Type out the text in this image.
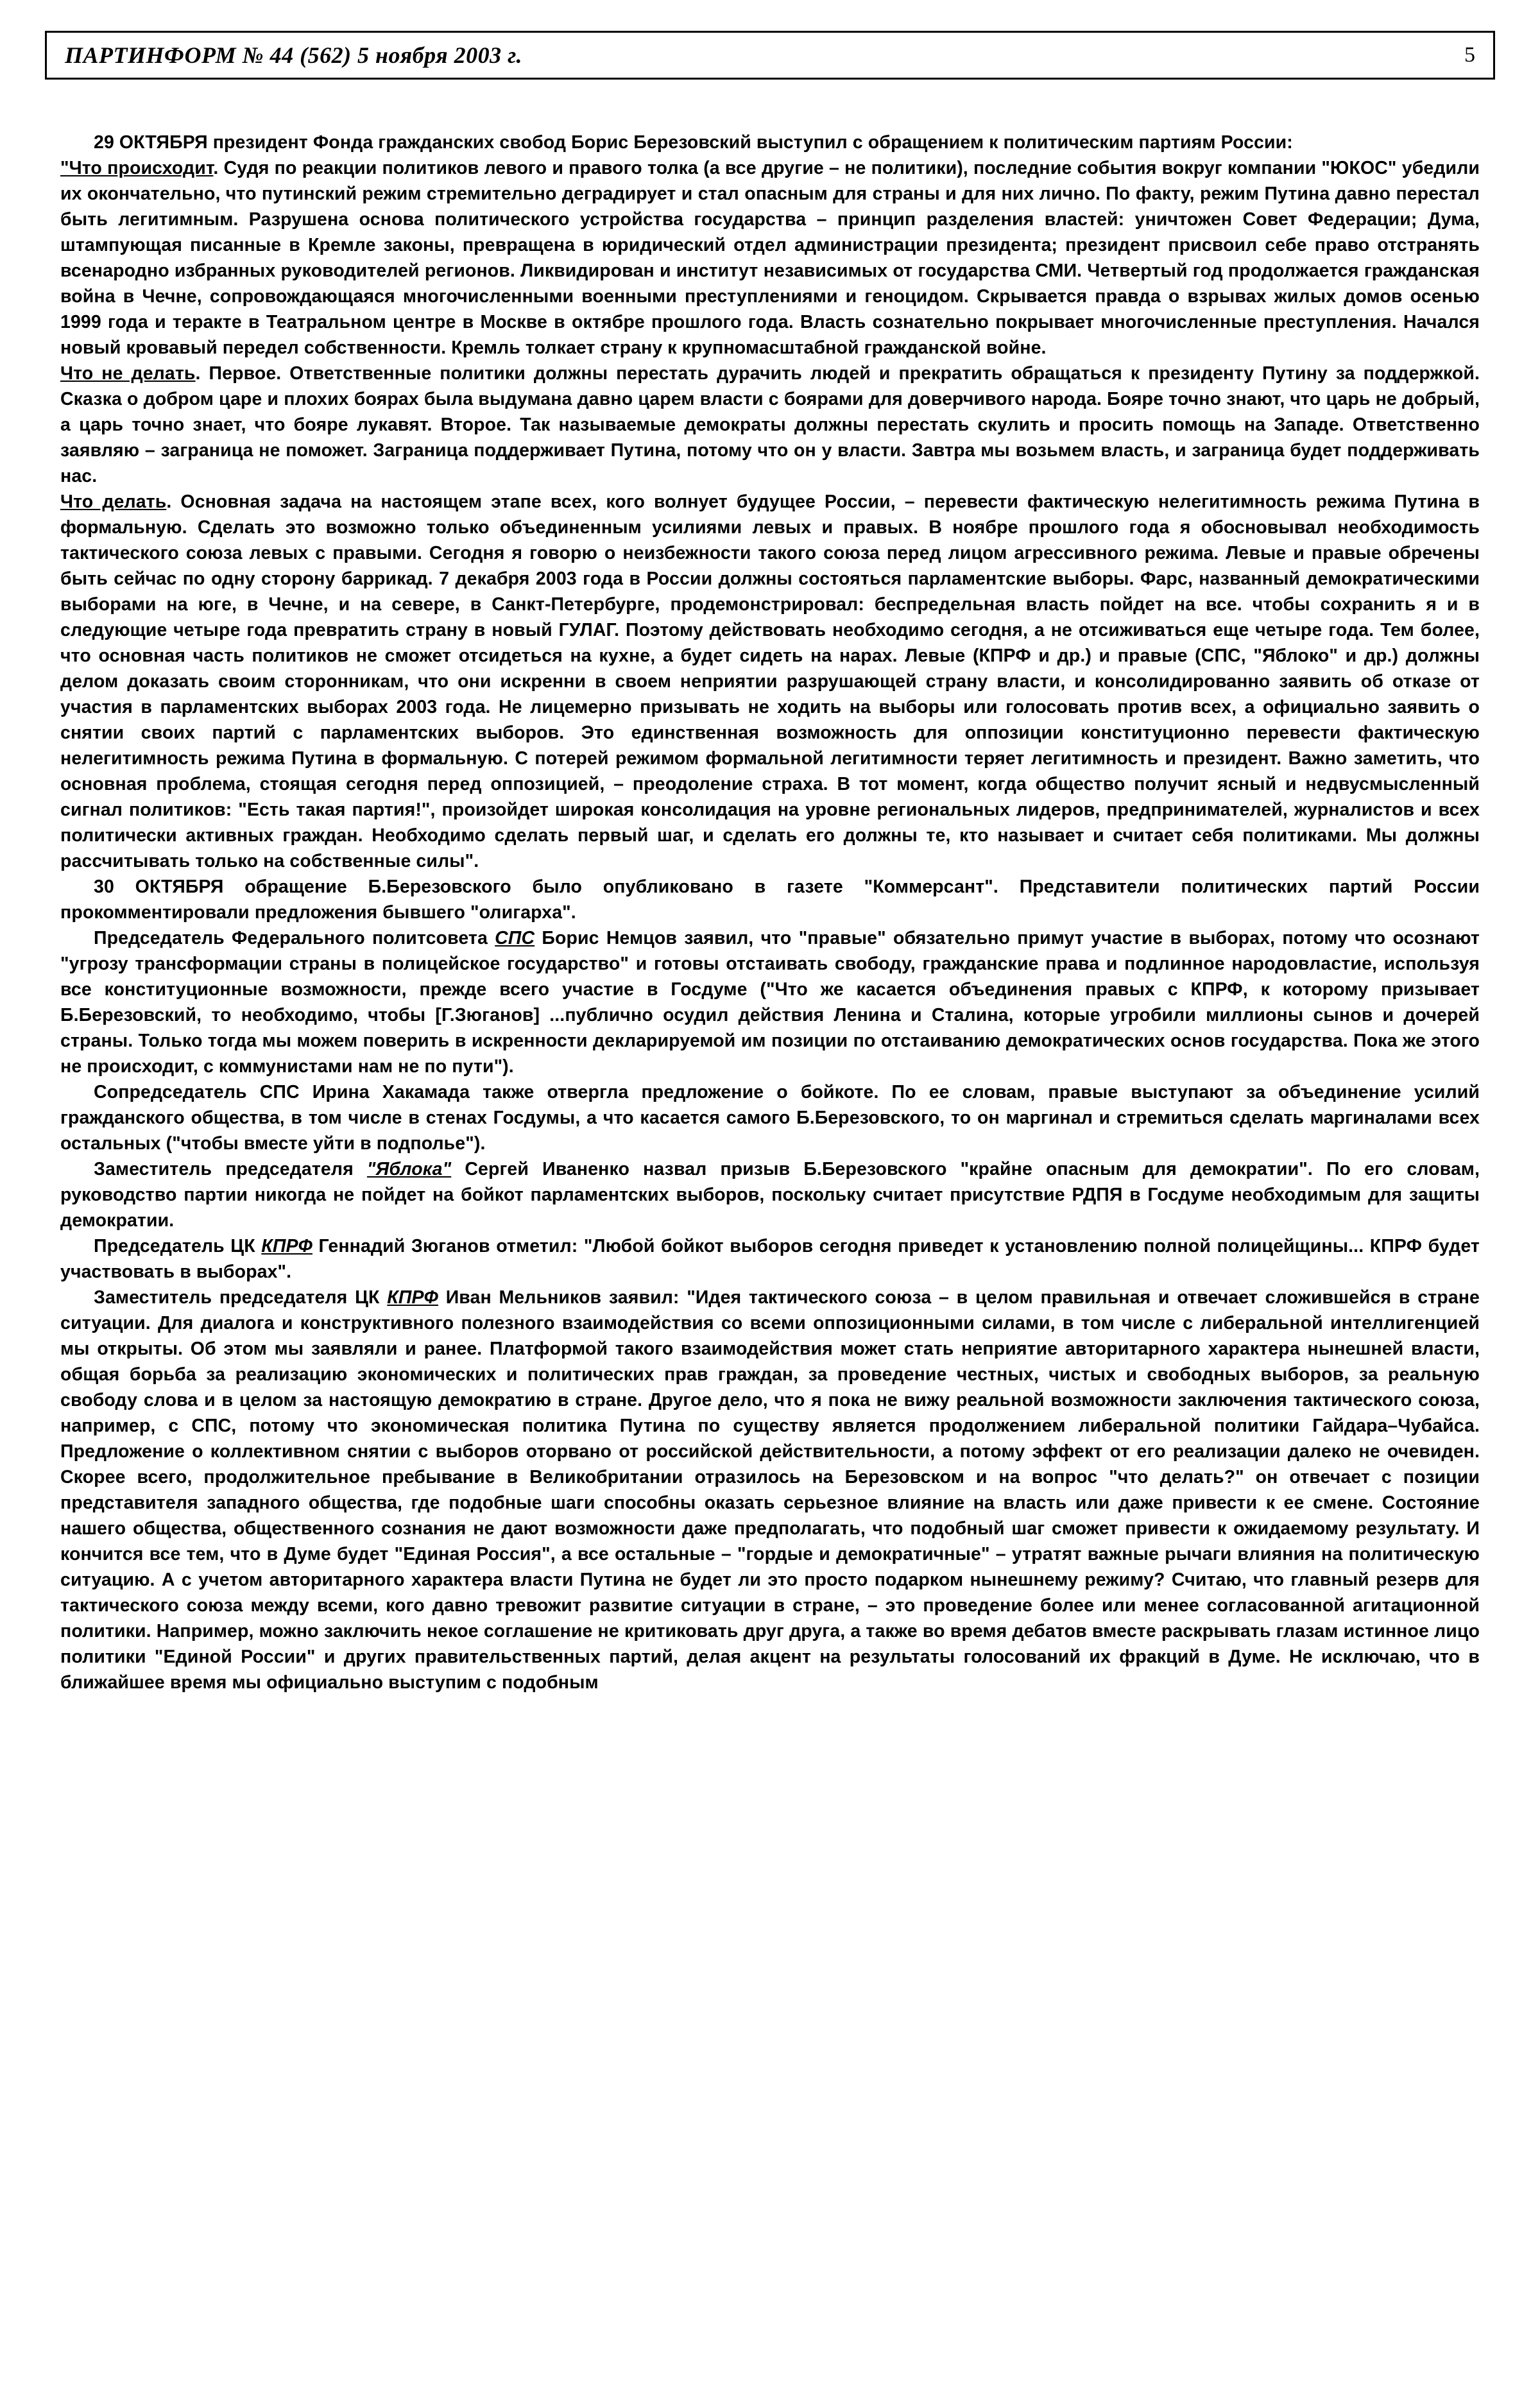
ПАРТИНФОРМ № 44 (562) 5 ноября 2003 г.	5

29 ОКТЯБРЯ президент Фонда гражданских свобод Борис Березовский выступил с обращением к политическим партиям России:

"Что происходит. Судя по реакции политиков левого и правого толка (а все другие – не политики), последние события вокруг компании "ЮКОС" убедили их окончательно, что путинский режим стремительно деградирует и стал опасным для страны и для них лично. По факту, режим Путина давно перестал быть легитимным. Разрушена основа политического устройства государства – принцип разделения властей: уничтожен Совет Федерации; Дума, штампующая писанные в Кремле законы, превращена в юридический отдел администрации президента; президент присвоил себе право отстранять всенародно избранных руководителей регионов. Ликвидирован и институт независимых от государства СМИ. Четвертый год продолжается гражданская война в Чечне, сопровождающаяся многочисленными военными преступлениями и геноцидом. Скрывается правда о взрывах жилых домов осенью 1999 года и теракте в Театральном центре в Москве в октябре прошлого года. Власть сознательно покрывает многочисленные преступления. Начался новый кровавый передел собственности. Кремль толкает страну к крупномасштабной гражданской войне.

Что не делать. Первое. Ответственные политики должны перестать дурачить людей и прекратить обращаться к президенту Путину за поддержкой. Сказка о добром царе и плохих боярах была выдумана давно царем власти с боярами для доверчивого народа. Бояре точно знают, что царь не добрый, а царь точно знает, что бояре лукавят. Второе. Так называемые демократы должны перестать скулить и просить помощь на Западе. Ответственно заявляю – заграница не поможет. Заграница поддерживает Путина, потому что он у власти. Завтра мы возьмем власть, и заграница будет поддерживать нас.

Что делать. Основная задача на настоящем этапе всех, кого волнует будущее России, – перевести фактическую нелегитимность режима Путина в формальную. Сделать это возможно только объединенным усилиями левых и правых. В ноябре прошлого года я обосновывал необходимость тактического союза левых с правыми. Сегодня я говорю о неизбежности такого союза перед лицом агрессивного режима. Левые и правые обречены быть сейчас по одну сторону баррикад. 7 декабря 2003 года в России должны состояться парламентские выборы. Фарс, названный демократическими выборами на юге, в Чечне, и на севере, в Санкт-Петербурге, продемонстрировал: беспредельная власть пойдет на все. чтобы сохранить я и в следующие четыре года превратить страну в новый ГУЛАГ. Поэтому действовать необходимо сегодня, а не отсиживаться еще четыре года. Тем более, что основная часть политиков не сможет отсидеться на кухне, а будет сидеть на нарах. Левые (КПРФ и др.) и правые (СПС, "Яблоко" и др.) должны делом доказать своим сторонникам, что они искренни в своем неприятии разрушающей страну власти, и консолидированно заявить об отказе от участия в парламентских выборах 2003 года. Не лицемерно призывать не ходить на выборы или голосовать против всех, а официально заявить о снятии своих партий с парламентских выборов. Это единственная возможность для оппозиции конституционно перевести фактическую нелегитимность режима Путина в формальную. С потерей режимом формальной легитимности теряет легитимность и президент. Важно заметить, что основная проблема, стоящая сегодня перед оппозицией, – преодоление страха. В тот момент, когда общество получит ясный и недвусмысленный сигнал политиков: "Есть такая партия!", произойдет широкая консолидация на уровне региональных лидеров, предпринимателей, журналистов и всех политически активных граждан. Необходимо сделать первый шаг, и сделать его должны те, кто называет и считает себя политиками. Мы должны рассчитывать только на собственные силы".

30 ОКТЯБРЯ обращение Б.Березовского было опубликовано в газете "Коммерсант". Представители политических партий России прокомментировали предложения бывшего "олигарха".

Председатель Федерального политсовета СПС Борис Немцов заявил, что "правые" обязательно примут участие в выборах, потому что осознают "угрозу трансформации страны в полицейское государство" и готовы отстаивать свободу, гражданские права и подлинное народовластие, используя все конституционные возможности, прежде всего участие в Госдуме ("Что же касается объединения правых с КПРФ, к которому призывает Б.Березовский, то необходимо, чтобы [Г.Зюганов] ...публично осудил действия Ленина и Сталина, которые угробили миллионы сынов и дочерей страны. Только тогда мы можем поверить в искренности декларируемой им позиции по отстаиванию демократических основ государства. Пока же этого не происходит, с коммунистами нам не по пути").

Сопредседатель СПС Ирина Хакамада также отвергла предложение о бойкоте. По ее словам, правые выступают за объединение усилий гражданского общества, в том числе в стенах Госдумы, а что касается самого Б.Березовского, то он маргинал и стремиться сделать маргиналами всех остальных ("чтобы вместе уйти в подполье").

Заместитель председателя "Яблока" Сергей Иваненко назвал призыв Б.Березовского "крайне опасным для демократии". По его словам, руководство партии никогда не пойдет на бойкот парламентских выборов, поскольку считает присутствие РДПЯ в Госдуме необходимым для защиты демократии.

Председатель ЦК КПРФ Геннадий Зюганов отметил: "Любой бойкот выборов сегодня приведет к установлению полной полицейщины... КПРФ будет участвовать в выборах".

Заместитель председателя ЦК КПРФ Иван Мельников заявил: "Идея тактического союза – в целом правильная и отвечает сложившейся в стране ситуации. Для диалога и конструктивного полезного взаимодействия со всеми оппозиционными силами, в том числе с либеральной интеллигенцией мы открыты. Об этом мы заявляли и ранее. Платформой такого взаимодействия может стать неприятие авторитарного характера нынешней власти, общая борьба за реализацию экономических и политических прав граждан, за проведение честных, чистых и свободных выборов, за реальную свободу слова и в целом за настоящую демократию в стране. Другое дело, что я пока не вижу реальной возможности заключения тактического союза, например, с СПС, потому что экономическая политика Путина по существу является продолжением либеральной политики Гайдара–Чубайса. Предложение о коллективном снятии с выборов оторвано от российской действительности, а потому эффект от его реализации далеко не очевиден. Скорее всего, продолжительное пребывание в Великобритании отразилось на Березовском и на вопрос "что делать?" он отвечает с позиции представителя западного общества, где подобные шаги способны оказать серьезное влияние на власть или даже привести к ее смене. Состояние нашего общества, общественного сознания не дают возможности даже предполагать, что подобный шаг сможет привести к ожидаемому результату. И кончится все тем, что в Думе будет "Единая Россия", а все остальные – "гордые и демократичные" – утратят важные рычаги влияния на политическую ситуацию. А с учетом авторитарного характера власти Путина не будет ли это просто подарком нынешнему режиму? Считаю, что главный резерв для тактического союза между всеми, кого давно тревожит развитие ситуации в стране, – это проведение более или менее согласованной агитационной политики. Например, можно заключить некое соглашение не критиковать друг друга, а также во время дебатов вместе раскрывать глазам истинное лицо политики "Единой России" и других правительственных партий, делая акцент на результаты голосований их фракций в Думе. Не исключаю, что в ближайшее время мы официально выступим с подобным
